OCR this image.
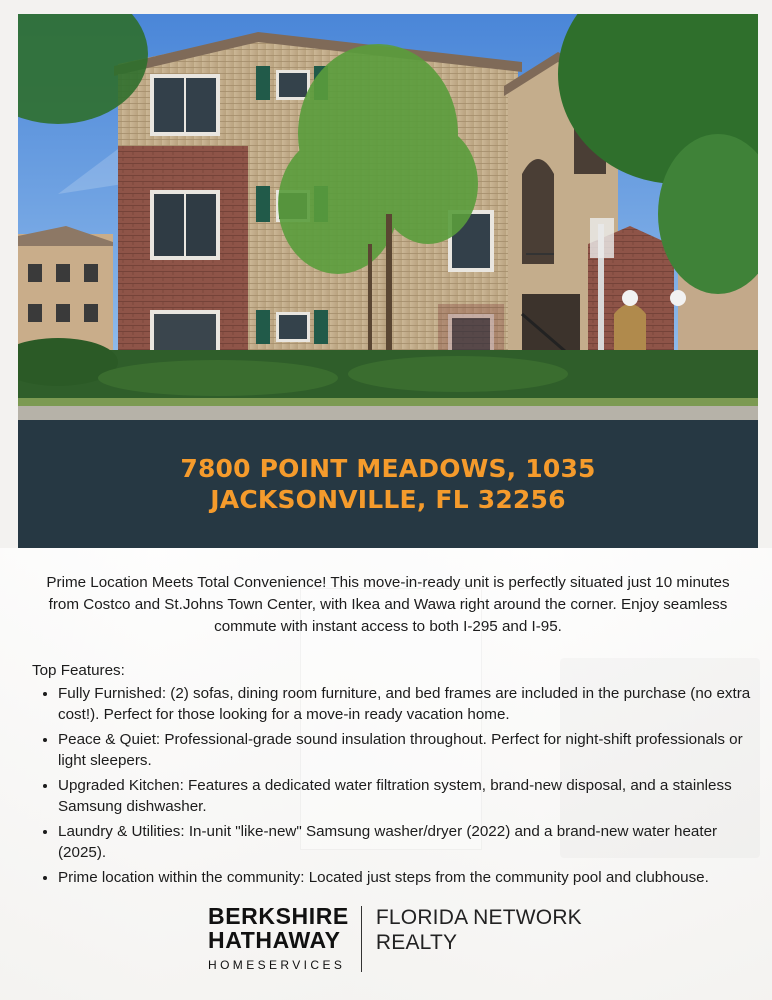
7800 POINT MEADOWS, 1035
JACKSONVILLE, FL 32256
Prime Location Meets Total Convenience! This move-in-ready unit is perfectly situated just 10 minutes from Costco and St.Johns Town Center, with Ikea and Wawa right around the corner. Enjoy seamless commute with instant access to both I-295 and I-95.
Top Features:
• Fully Furnished: (2) sofas, dining room furniture, and bed frames are included in the purchase (no extra cost!). Perfect for those looking for a move-in ready vacation home.
• Peace & Quiet: Professional-grade sound insulation throughout. Perfect for night-shift professionals or light sleepers.
• Upgraded Kitchen: Features a dedicated water filtration system, brand-new disposal, and a stainless Samsung dishwasher.
• Laundry & Utilities: In-unit "like-new" Samsung washer/dryer (2022) and a brand-new water heater (2025).
• Prime location within the community: Located just steps from the community pool and clubhouse.
BERKSHIRE
HATHAWAY
HOMESERVICES
FLORIDA NETWORK
REALTY
